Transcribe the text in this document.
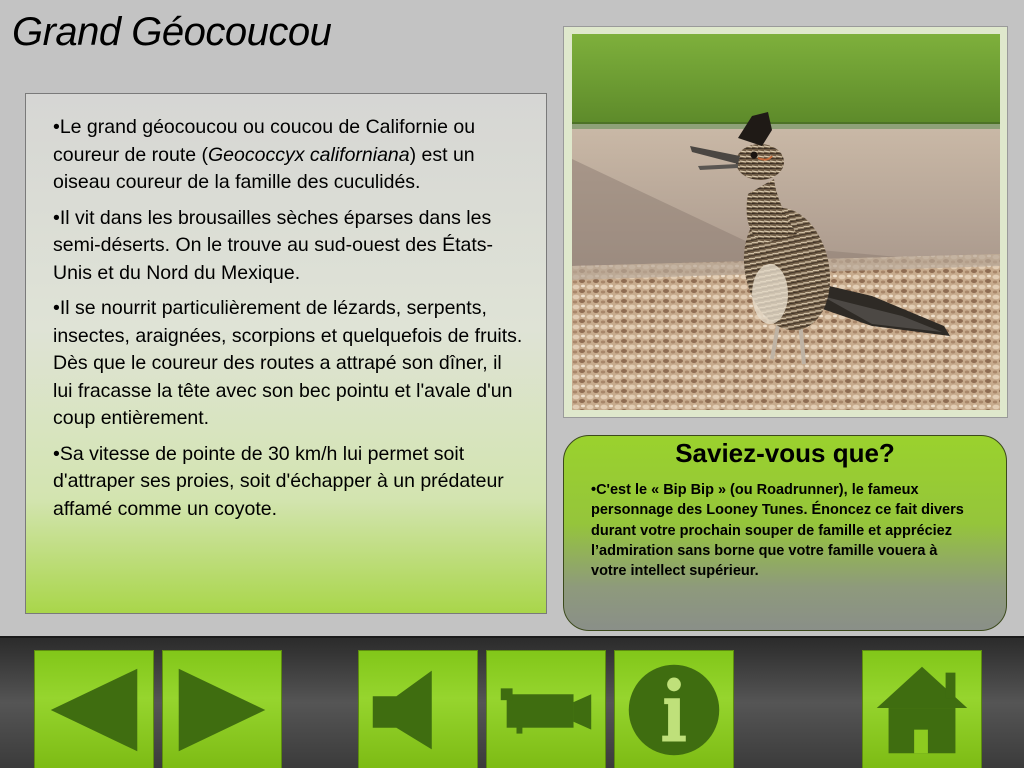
Grand Géocoucou

•Le grand géocoucou ou coucou de Californie ou coureur de route (Geococcyx californiana) est un oiseau coureur de la famille des cuculidés.

•Il vit dans les brousailles sèches éparses dans les semi-déserts. On le trouve au sud-ouest des États-Unis et du Nord du Mexique.

•Il se nourrit particulièrement de lézards, serpents, insectes, araignées, scorpions et quelquefois de fruits.
Dès que le coureur des routes a attrapé son dîner, il lui fracasse la tête avec son bec pointu et l'avale d'un coup entièrement.

•Sa vitesse de pointe de 30 km/h lui permet soit d'attraper ses proies, soit d'échapper à un prédateur affamé comme un coyote.

Saviez-vous que?
•C'est le « Bip Bip » (ou Roadrunner), le fameux personnage des Looney Tunes. Énoncez ce fait divers durant votre prochain souper de famille et appréciez l’admiration sans borne que votre famille vouera à votre intellect supérieur.
